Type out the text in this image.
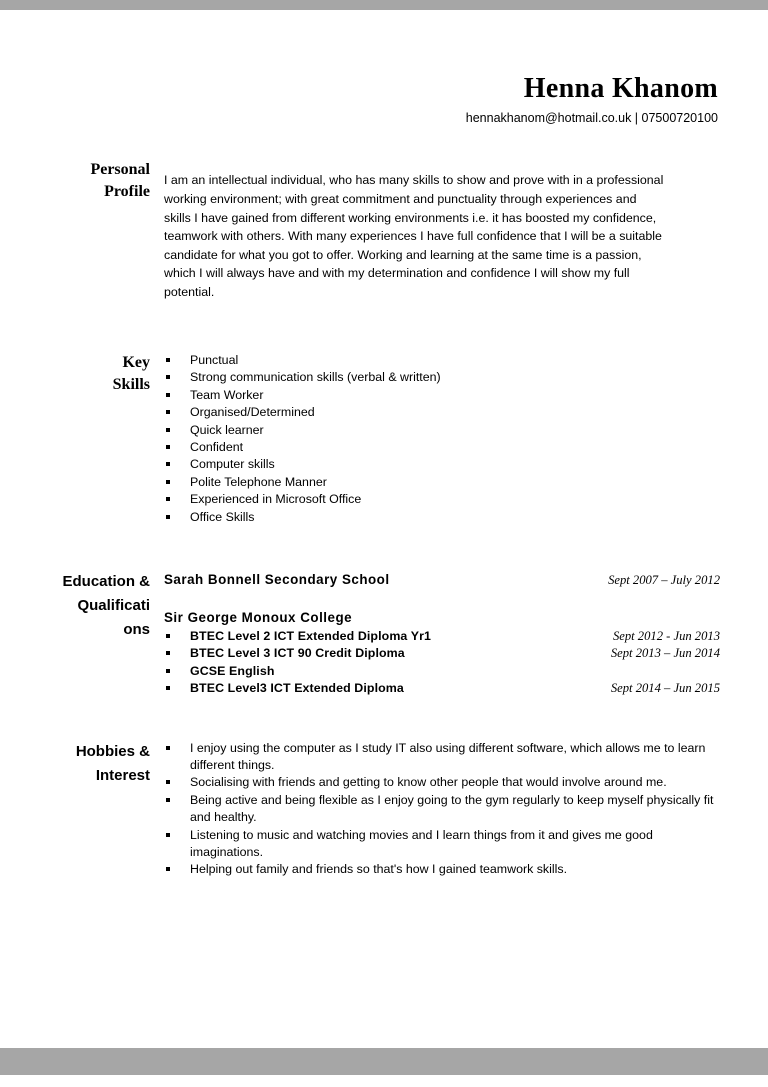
Henna Khanom
hennakhanom@hotmail.co.uk | 07500720100
Personal
Profile

I am an intellectual individual, who has many skills to show and prove with in a professional working environment; with great commitment and punctuality through experiences and skills I have gained from different working environments i.e. it has boosted my confidence, teamwork with others. With many experiences I have full confidence that I will be a suitable candidate for what you got to offer. Working and learning at the same time is a passion, which I will always have and with my determination and confidence I will show my full potential.

Key
Skills
Punctual
Strong communication skills (verbal & written)
Team Worker
Organised/Determined
Quick learner
Confident
Computer skills
Polite Telephone Manner
Experienced in Microsoft Office
Office Skills
Education &
Qualificati
ons
Sarah Bonnell Secondary School	Sept 2007 – July 2012
Sir George Monoux College
BTEC Level 2 ICT Extended Diploma Yr1	Sept 2012 - Jun 2013
BTEC Level 3 ICT 90 Credit Diploma	Sept 2013 – Jun 2014
GCSE English
BTEC Level3 ICT Extended Diploma	Sept 2014 – Jun 2015
Hobbies &
Interest
I enjoy using the computer as I study IT also using different software, which allows me to learn different things.
Socialising with friends and getting to know other people that would involve around me.
Being active and being flexible as I enjoy going to the gym regularly to keep myself physically fit and healthy.
Listening to music and watching movies and I learn things from it and gives me good imaginations.
Helping out family and friends so that's how I gained teamwork skills.
